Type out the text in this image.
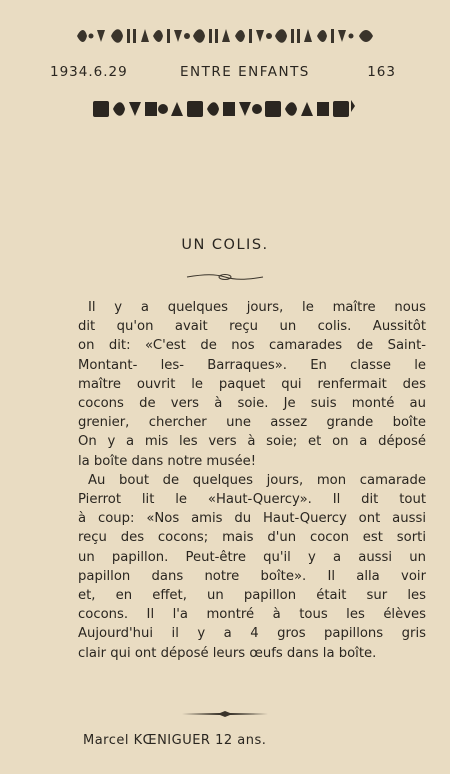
1934.6.29	ENTRE ENFANTS	163
UN COLIS.
Il y a quelques jours, le maître nous
dit qu'on avait reçu un colis. Aussitôt
on dit: «C'est de nos camarades de Saint-
Montant- les- Barraques». En classe le
maître ouvrit le paquet qui renfermait des
cocons de vers à soie. Je suis monté au
grenier, chercher une assez grande boîte
On y a mis les vers à soie; et on a déposé
la boîte dans notre musée!
Au bout de quelques jours, mon camarade
Pierrot lit le «Haut-Quercy». Il dit tout
à coup: «Nos amis du Haut-Quercy ont aussi
reçu des cocons; mais d'un cocon est sorti
un papillon. Peut-être qu'il y a aussi un
papillon dans notre boîte». Il alla voir
et, en effet, un papillon était sur les
cocons. Il l'a montré à tous les élèves
Aujourd'hui il y a 4 gros papillons gris
clair qui ont déposé leurs œufs dans la boîte.
Marcel KŒNIGUER 12 ans.
